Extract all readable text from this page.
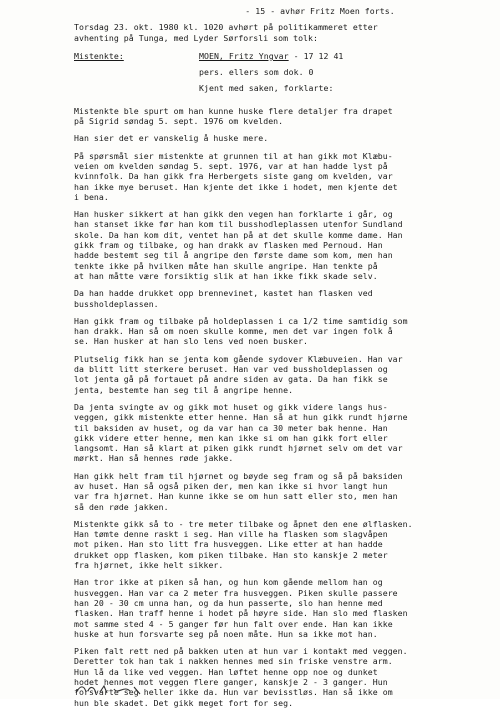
- 15 - avhør Fritz Moen forts.

Torsdag 23. okt. 1980 kl. 1020 avhørt på politikammeret etter
avhenting på Tunga, med Lyder Sørforsli som tolk:

Mistenkte:	MOEN, Fritz Yngvar - 17 12 41
pers. ellers som dok. 0
Kjent med saken, forklarte:

Mistenkte ble spurt om han kunne huske flere detaljer fra drapet
på Sigrid søndag 5. sept. 1976 om kvelden.

Han sier det er vanskelig å huske mere.

På spørsmål sier mistenkte at grunnen til at han gikk mot Klæbu-
veien om kvelden søndag 5. sept. 1976, var at han hadde lyst på
kvinnfolk. Da han gikk fra Herbergets siste gang om kvelden, var
han ikke mye beruset. Han kjente det ikke i hodet, men kjente det
i bena.

Han husker sikkert at han gikk den vegen han forklarte i går, og
han stanset ikke før han kom til busshodleplassen utenfor Sundland
skole. Da han kom dit, ventet han på at det skulle komme dame. Han
gikk fram og tilbake, og han drakk av flasken med Pernoud. Han
hadde bestemt seg til å angripe den første dame som kom, men han
tenkte ikke på hvilken måte han skulle angripe. Han tenkte på
at han måtte være forsiktig slik at han ikke fikk skade selv.

Da han hadde drukket opp brennevinet, kastet han flasken ved
bussholdeplassen.

Han gikk fram og tilbake på holdeplassen i ca 1/2 time samtidig som
han drakk. Han så om noen skulle komme, men det var ingen folk å
se. Han husker at han slo lens ved noen busker.

Plutselig fikk han se jenta kom gående sydover Klæbuveien. Han var
da blitt litt sterkere beruset. Han var ved bussholdeplassen og
lot jenta gå på fortauet på andre siden av gata. Da han fikk se
jenta, bestemte han seg til å angripe henne.

Da jenta svingte av og gikk mot huset og gikk videre langs hus-
veggen, gikk mistenkte etter henne. Han så at hun gikk rundt hjørne
til baksiden av huset, og da var han ca 30 meter bak henne. Han
gikk videre etter henne, men kan ikke si om han gikk fort eller
langsomt. Han så klart at piken gikk rundt hjørnet selv om det var
mørkt. Han så hennes røde jakke.

Han gikk helt fram til hjørnet og bøyde seg fram og så på baksiden
av huset. Han så også piken der, men kan ikke si hvor langt hun
var fra hjørnet. Han kunne ikke se om hun satt eller sto, men han
så den røde jakken.

Mistenkte gikk så to - tre meter tilbake og åpnet den ene ølflasken.
Han tømte denne raskt i seg. Han ville ha flasken som slagvåpen
mot piken. Han sto litt fra husveggen. Like etter at han hadde
drukket opp flasken, kom piken tilbake. Han sto kanskje 2 meter
fra hjørnet, ikke helt sikker.

Han tror ikke at piken så han, og hun kom gående mellom han og
husveggen. Han var ca 2 meter fra husveggen. Piken skulle passere
han 20 - 30 cm unna han, og da hun passerte, slo han henne med
flasken. Han traff henne i hodet på høyre side. Han slo med flasken
mot samme sted 4 - 5 ganger før hun falt over ende. Han kan ikke
huske at hun forsvarte seg på noen måte. Hun sa ikke mot han.

Piken falt rett ned på bakken uten at hun var i kontakt med veggen.
Deretter tok han tak i nakken hennes med sin friske venstre arm.
Hun lå da like ved veggen. Han løftet henne opp noe og dunket
hodet hennes mot veggen flere ganger, kanskje 2 - 3 ganger. Hun
forsvarte seg heller ikke da. Hun var bevisstløs. Han så ikke om
hun ble skadet. Det gikk meget fort for seg.
